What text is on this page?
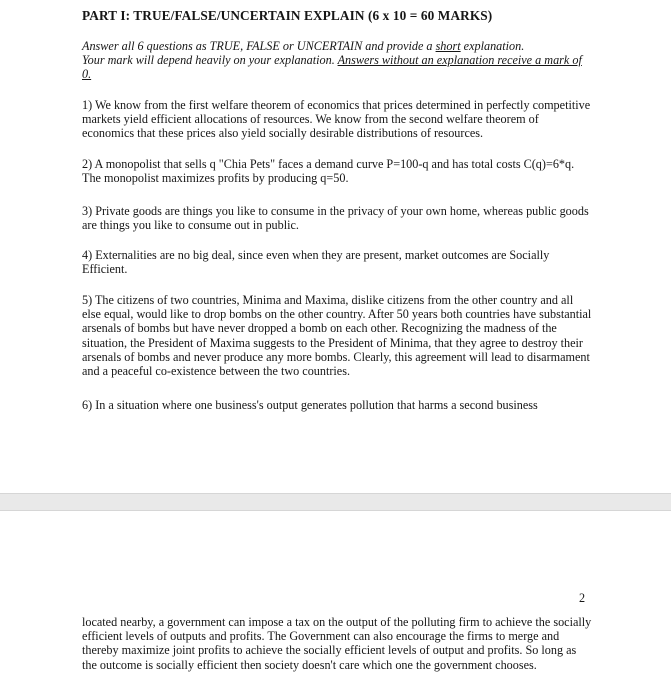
PART I: TRUE/FALSE/UNCERTAIN EXPLAIN (6 x 10 = 60 MARKS)

Answer all 6 questions as TRUE, FALSE or UNCERTAIN and provide a short explanation.

Your mark will depend heavily on your explanation. Answers without an explanation receive a mark of 0.

1) We know from the first welfare theorem of economics that prices determined in perfectly competitive markets yield efficient allocations of resources. We know from the second welfare theorem of economics that these prices also yield socially desirable distributions of resources.

2) A monopolist that sells q "Chia Pets" faces a demand curve P=100-q and has total costs C(q)=6*q. The monopolist maximizes profits by producing q=50.

3) Private goods are things you like to consume in the privacy of your own home, whereas public goods are things you like to consume out in public.

4) Externalities are no big deal, since even when they are present, market outcomes are Socially Efficient.

5) The citizens of two countries, Minima and Maxima, dislike citizens from the other country and all else equal, would like to drop bombs on the other country. After 50 years both countries have substantial arsenals of bombs but have never dropped a bomb on each other. Recognizing the madness of the situation, the President of Maxima suggests to the President of Minima, that they agree to destroy their arsenals of bombs and never produce any more bombs. Clearly, this agreement will lead to disarmament and a peaceful co-existence between the two countries.

6) In a situation where one business's output generates pollution that harms a second business

2

located nearby, a government can impose a tax on the output of the polluting firm to achieve the socially efficient levels of outputs and profits. The Government can also encourage the firms to merge and thereby maximize joint profits to achieve the socially efficient levels of output and profits. So long as the outcome is socially efficient then society doesn't care which one the government chooses.
